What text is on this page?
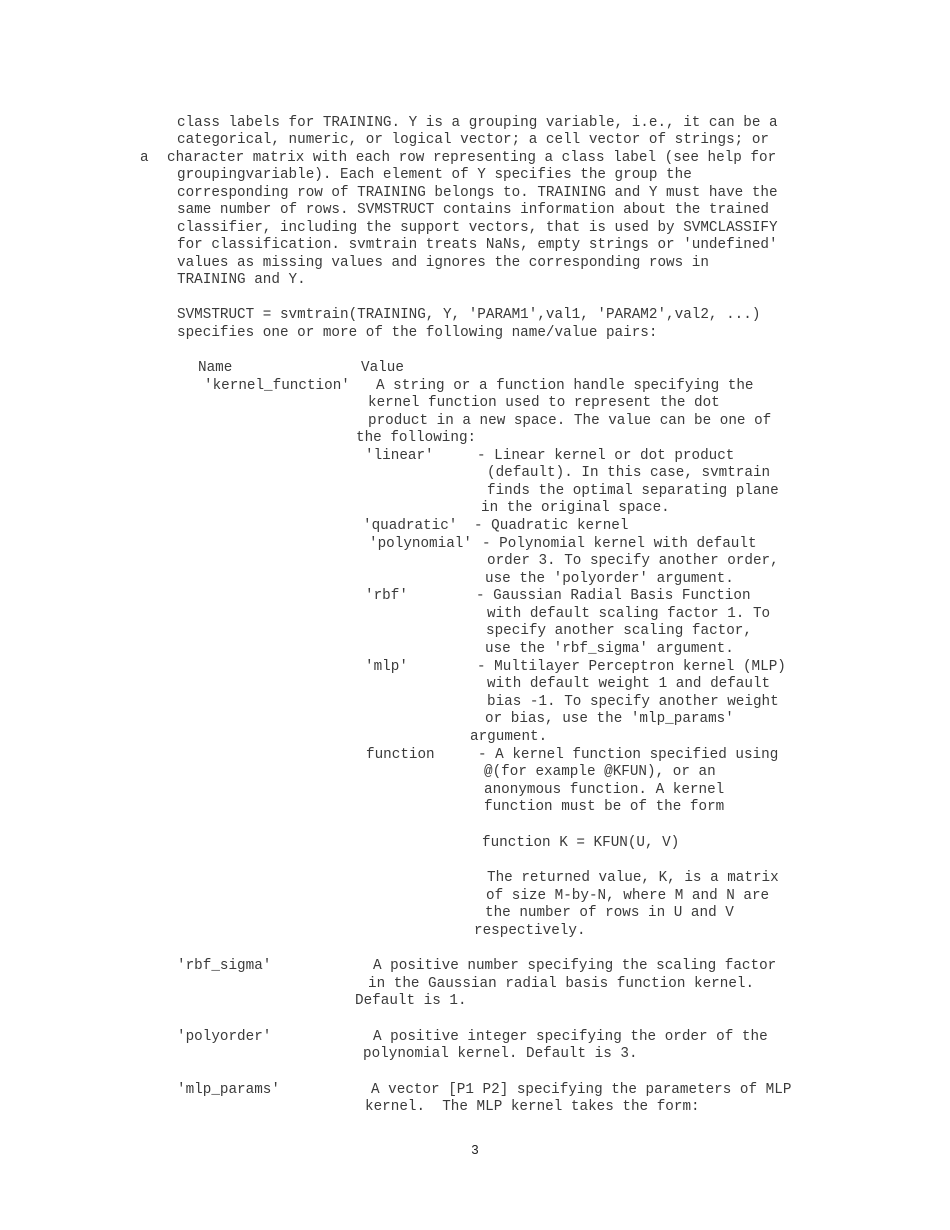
class labels for TRAINING. Y is a grouping variable, i.e., it can be a
categorical, numeric, or logical vector; a cell vector of strings; or
a character matrix with each row representing a class label (see help for
groupingvariable). Each element of Y specifies the group the
corresponding row of TRAINING belongs to. TRAINING and Y must have the
same number of rows. SVMSTRUCT contains information about the trained
classifier, including the support vectors, that is used by SVMCLASSIFY
for classification. svmtrain treats NaNs, empty strings or 'undefined'
values as missing values and ignores the corresponding rows in
TRAINING and Y.
SVMSTRUCT = svmtrain(TRAINING, Y, 'PARAM1',val1, 'PARAM2',val2, ...)
specifies one or more of the following name/value pairs:
Name	Value
'kernel_function' A string or a function handle specifying the
kernel function used to represent the dot
product in a new space. The value can be one of
the following:
'linear'	- Linear kernel or dot product
(default). In this case, svmtrain
finds the optimal separating plane
in the original space.
'quadratic' - Quadratic kernel
'polynomial' - Polynomial kernel with default
order 3. To specify another order,
use the 'polyorder' argument.
'rbf'	- Gaussian Radial Basis Function
with default scaling factor 1. To
specify another scaling factor,
use the 'rbf_sigma' argument.
'mlp'	- Multilayer Perceptron kernel (MLP)
with default weight 1 and default
bias -1. To specify another weight
or bias, use the 'mlp_params'
argument.
function	- A kernel function specified using
@(for example @KFUN), or an
anonymous function. A kernel
function must be of the form
function K = KFUN(U, V)
The returned value, K, is a matrix
of size M-by-N, where M and N are
the number of rows in U and V
respectively.
'rbf_sigma'	A positive number specifying the scaling factor
in the Gaussian radial basis function kernel.
Default is 1.
'polyorder'	A positive integer specifying the order of the
polynomial kernel. Default is 3.
'mlp_params'	A vector [P1 P2] specifying the parameters of MLP
kernel.  The MLP kernel takes the form:
3
